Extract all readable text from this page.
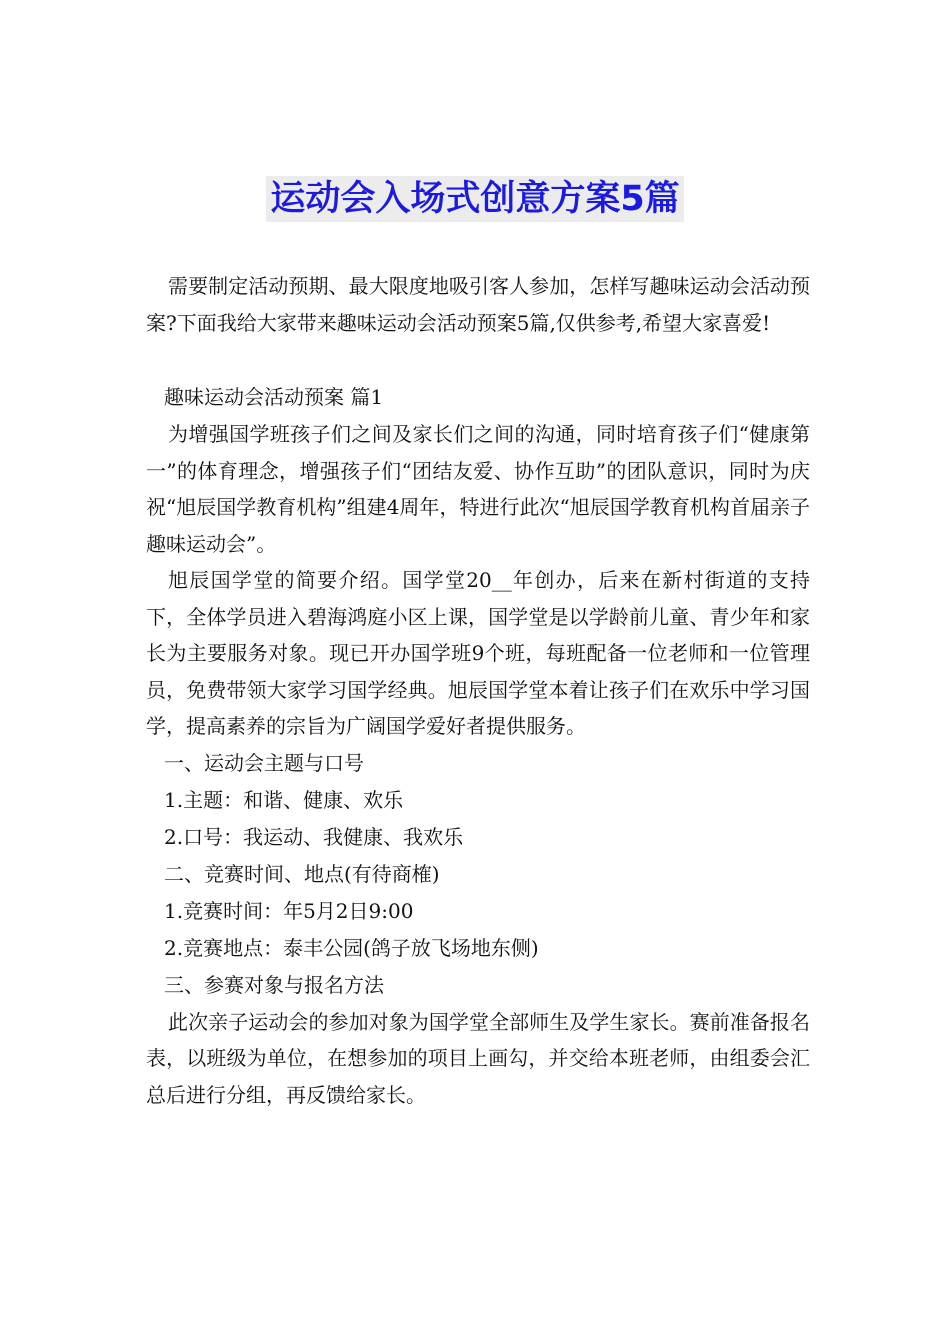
运动会入场式创意方案5篇

需要制定活动预期、最大限度地吸引客人参加，怎样写趣味运动会活动预案?下面我给大家带来趣味运动会活动预案5篇,仅供参考,希望大家喜爱!

趣味运动会活动预案 篇1

为增强国学班孩子们之间及家长们之间的沟通，同时培育孩子们“健康第一”的体育理念，增强孩子们“团结友爱、协作互助”的团队意识，同时为庆祝“旭辰国学教育机构”组建4周年，特进行此次“旭辰国学教育机构首届亲子趣味运动会”。

旭辰国学堂的简要介绍。国学堂20__年创办，后来在新村街道的支持下，全体学员进入碧海鸿庭小区上课，国学堂是以学龄前儿童、青少年和家长为主要服务对象。现已开办国学班9个班，每班配备一位老师和一位管理员，免费带领大家学习国学经典。旭辰国学堂本着让孩子们在欢乐中学习国学，提高素养的宗旨为广阔国学爱好者提供服务。

一、运动会主题与口号

1.主题：和谐、健康、欢乐

2.口号：我运动、我健康、我欢乐

二、竞赛时间、地点(有待商榷)

1.竞赛时间：年5月2日9:00

2.竞赛地点：泰丰公园(鸽子放飞场地东侧)

三、参赛对象与报名方法

此次亲子运动会的参加对象为国学堂全部师生及学生家长。赛前准备报名表，以班级为单位，在想参加的项目上画勾，并交给本班老师，由组委会汇总后进行分组，再反馈给家长。
